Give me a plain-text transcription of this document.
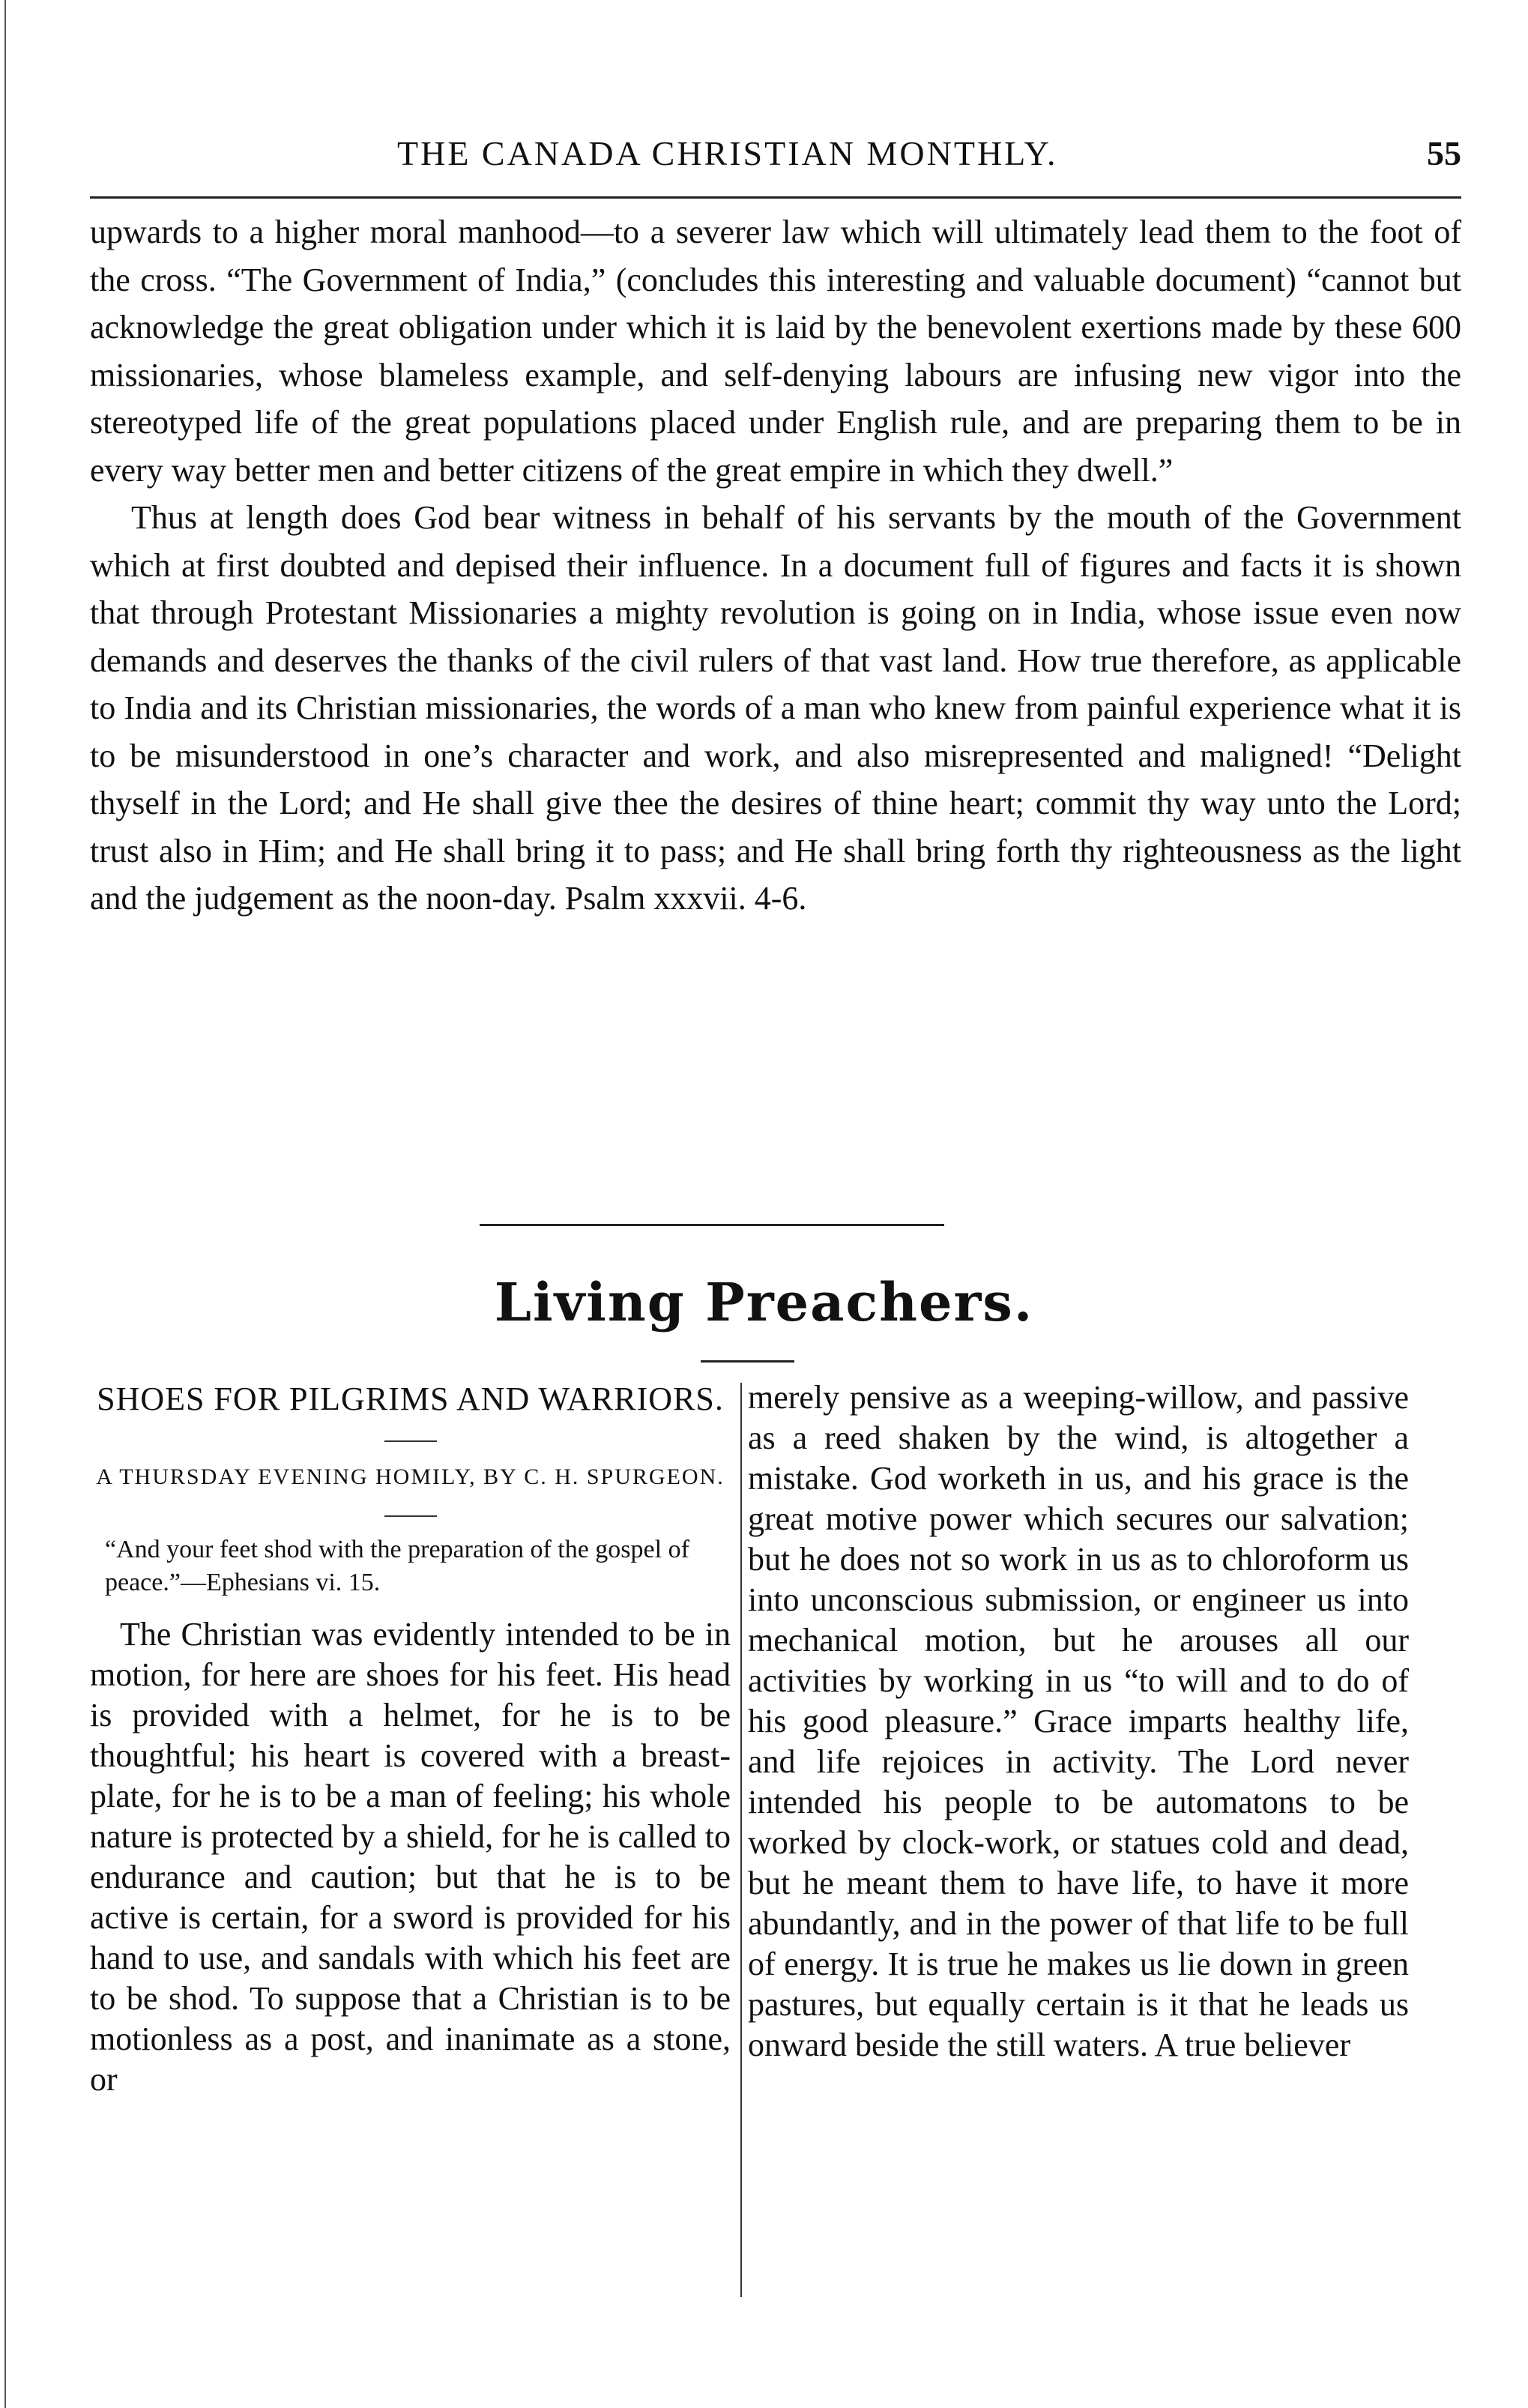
THE CANADA CHRISTIAN MONTHLY.	55

upwards to a higher moral manhood—to a severer law which will ultimately lead them to the foot of the cross. “The Government of India,” (concludes this interesting and valuable document) “cannot but acknowledge the great obligation under which it is laid by the benevolent exertions made by these 600 missionaries, whose blameless example, and self-denying labours are infusing new vigor into the stereotyped life of the great populations placed under English rule, and are preparing them to be in every way better men and better citizens of the great empire in which they dwell.”

Thus at length does God bear witness in behalf of his servants by the mouth of the Government which at first doubted and depised their influence. In a document full of figures and facts it is shown that through Protestant Missionaries a mighty revolution is going on in India, whose issue even now demands and deserves the thanks of the civil rulers of that vast land. How true therefore, as applicable to India and its Christian missionaries, the words of a man who knew from painful experience what it is to be misunderstood in one’s character and work, and also misrepresented and maligned! “Delight thyself in the Lord; and He shall give thee the desires of thine heart; commit thy way unto the Lord; trust also in Him; and He shall bring it to pass; and He shall bring forth thy righteousness as the light and the judgement as the noon-day. Psalm xxxvii. 4-6.

Living Preachers.
SHOES FOR PILGRIMS AND WARRIORS.

A THURSDAY EVENING HOMILY, BY C. H. SPURGEON.

“And your feet shod with the preparation of the gospel of peace.”—Ephesians vi. 15.

The Christian was evidently intended to be in motion, for here are shoes for his feet. His head is provided with a helmet, for he is to be thoughtful; his heart is covered with a breast-plate, for he is to be a man of feeling; his whole nature is protected by a shield, for he is called to endurance and caution; but that he is to be active is certain, for a sword is provided for his hand to use, and sandals with which his feet are to be shod. To suppose that a Christian is to be motionless as a post, and inanimate as a stone, or

merely pensive as a weeping-willow, and passive as a reed shaken by the wind, is altogether a mistake. God worketh in us, and his grace is the great motive power which secures our salvation; but he does not so work in us as to chloroform us into unconscious submission, or engineer us into mechanical motion, but he arouses all our activities by working in us “to will and to do of his good pleasure.” Grace imparts healthy life, and life rejoices in activity. The Lord never intended his people to be automatons to be worked by clock-work, or statues cold and dead, but he meant them to have life, to have it more abundantly, and in the power of that life to be full of energy. It is true he makes us lie down in green pastures, but equally certain is it that he leads us onward beside the still waters. A true believer
